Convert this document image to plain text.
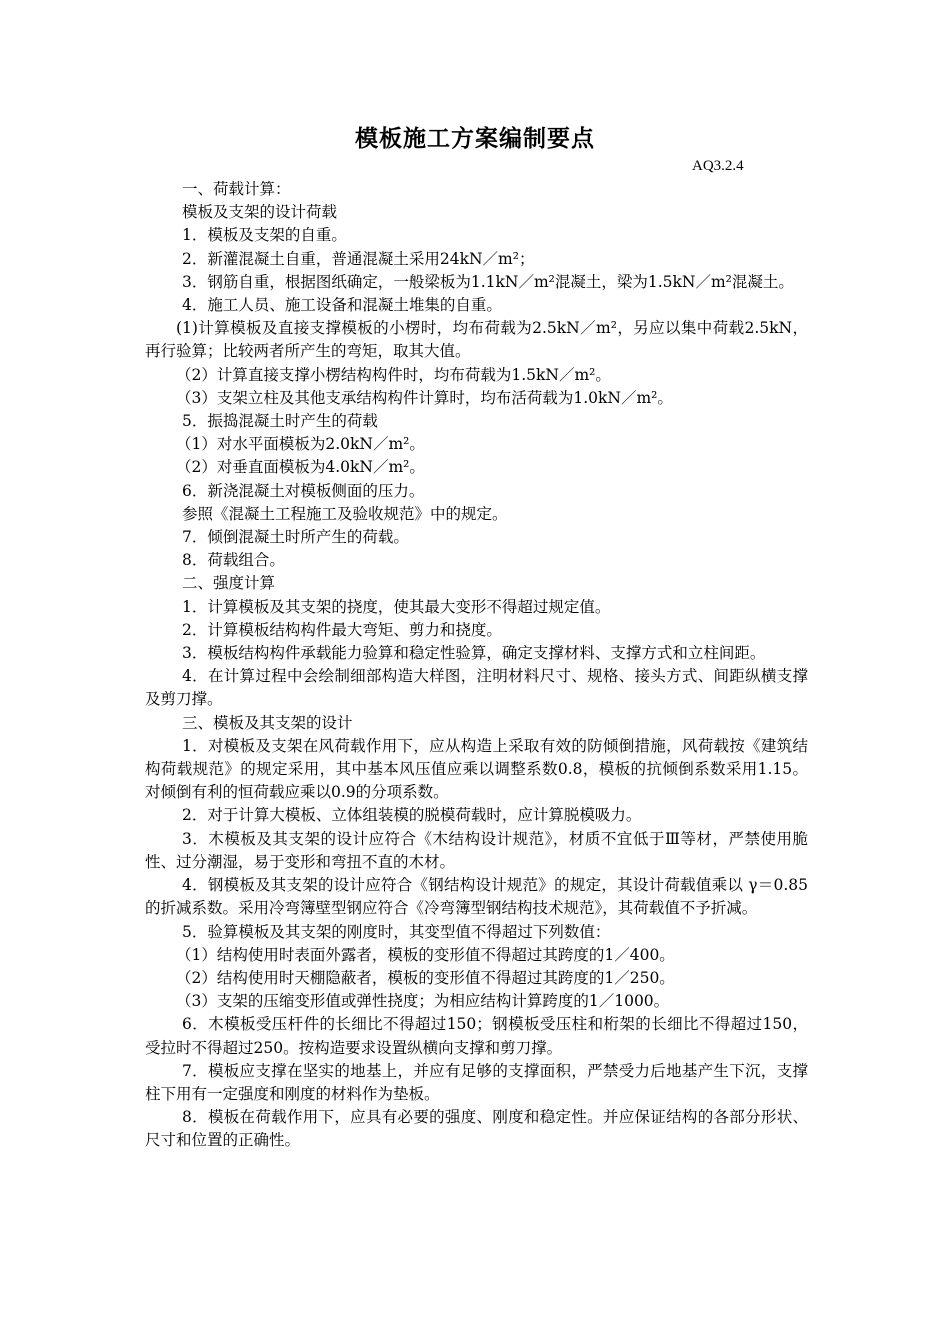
模板施工方案编制要点
AQ3.2.4

一、荷载计算：

模板及支架的设计荷载

1．模板及支架的自重。

2．新灌混凝土自重，普通混凝土采用24kN／m²；

3．钢筋自重，根据图纸确定，一般梁板为1.1kN／m²混凝土，梁为1.5kN／m²混凝土。

4．施工人员、施工设备和混凝土堆集的自重。

(1)计算模板及直接支撑模板的小楞时，均布荷载为2.5kN／m²，另应以集中荷载2.5kN，再行验算；比较两者所产生的弯矩，取其大值。

（2）计算直接支撑小楞结构构件时，均布荷载为1.5kN／m²。

（3）支架立柱及其他支承结构构件计算时，均布活荷载为1.0kN／m²。

5．振捣混凝土时产生的荷载

（1）对水平面模板为2.0kN／m²。

（2）对垂直面模板为4.0kN／m²。

6．新浇混凝土对模板侧面的压力。

参照《混凝土工程施工及验收规范》中的规定。

7．倾倒混凝土时所产生的荷载。

8．荷载组合。

二、强度计算

1．计算模板及其支架的挠度，使其最大变形不得超过规定值。

2．计算模板结构构件最大弯矩、剪力和挠度。

3．模板结构构件承载能力验算和稳定性验算，确定支撑材料、支撑方式和立柱间距。

4．在计算过程中会绘制细部构造大样图，注明材料尺寸、规格、接头方式、间距纵横支撑及剪刀撑。

三、模板及其支架的设计

1．对模板及支架在风荷载作用下，应从构造上采取有效的防倾倒措施，风荷载按《建筑结构荷载规范》的规定采用，其中基本风压值应乘以调整系数0.8，模板的抗倾倒系数采用1.15。对倾倒有利的恒荷载应乘以0.9的分项系数。

2．对于计算大模板、立体组装模的脱模荷载时，应计算脱模吸力。

3．木模板及其支架的设计应符合《木结构设计规范》，材质不宜低于Ⅲ等材，严禁使用脆性、过分潮湿，易于变形和弯扭不直的木材。

4．钢模板及其支架的设计应符合《钢结构设计规范》的规定，其设计荷载值乘以 γ＝0.85的折减系数。采用冷弯簿壁型钢应符合《冷弯簿型钢结构技术规范》，其荷载值不予折减。

5．验算模板及其支架的刚度时，其变型值不得超过下列数值：

（1）结构使用时表面外露者，模板的变形值不得超过其跨度的1／400。

（2）结构使用时天棚隐蔽者，模板的变形值不得超过其跨度的1／250。

（3）支架的压缩变形值或弹性挠度；为相应结构计算跨度的1／1000。

6．木模板受压杆件的长细比不得超过150；钢模板受压柱和桁架的长细比不得超过150，受拉时不得超过250。按构造要求设置纵横向支撑和剪刀撑。

7．模板应支撑在坚实的地基上，并应有足够的支撑面积，严禁受力后地基产生下沉，支撑柱下用有一定强度和刚度的材料作为垫板。

8．模板在荷载作用下，应具有必要的强度、刚度和稳定性。并应保证结构的各部分形状、尺寸和位置的正确性。
